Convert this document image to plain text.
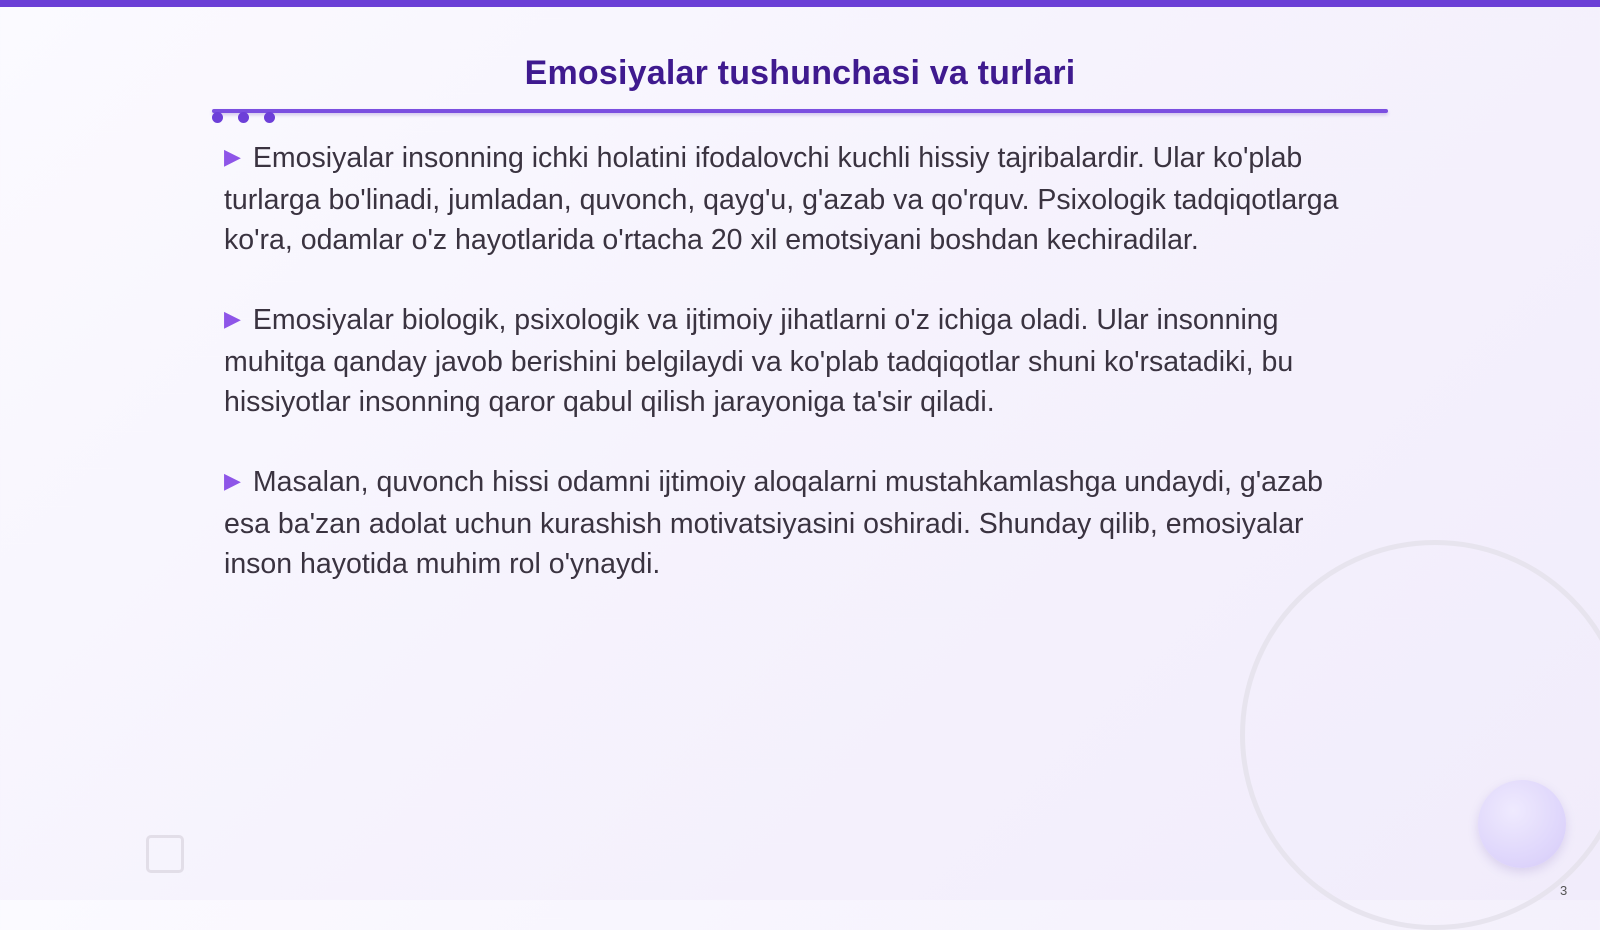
Emosiyalar tushunchasi va turlari
▶ Emosiyalar insonning ichki holatini ifodalovchi kuchli hissiy tajribalardir. Ular ko'plab turlarga bo'linadi, jumladan, quvonch, qayg'u, g'azab va qo'rquv. Psixologik tadqiqotlarga ko'ra, odamlar o'z hayotlarida o'rtacha 20 xil emotsiyani boshdan kechiradilar.
▶ Emosiyalar biologik, psixologik va ijtimoiy jihatlarni o'z ichiga oladi. Ular insonning muhitga qanday javob berishini belgilaydi va ko'plab tadqiqotlar shuni ko'rsatadiki, bu hissiyotlar insonning qaror qabul qilish jarayoniga ta'sir qiladi.
▶ Masalan, quvonch hissi odamni ijtimoiy aloqalarni mustahkamlashga undaydi, g'azab esa ba'zan adolat uchun kurashish motivatsiyasini oshiradi. Shunday qilib, emosiyalar inson hayotida muhim rol o'ynaydi.
3
